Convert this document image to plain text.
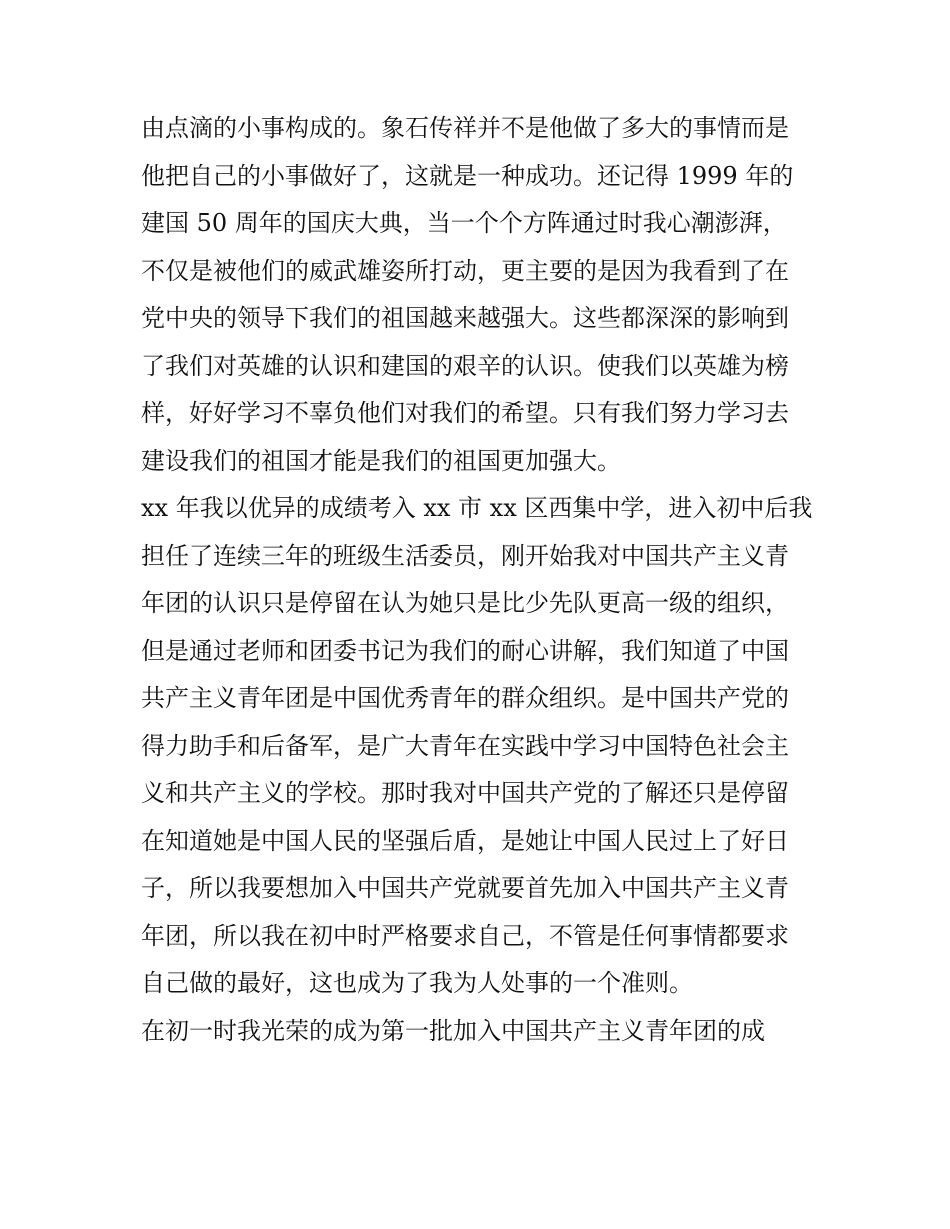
由点滴的小事构成的。象石传祥并不是他做了多大的事情而是
他把自己的小事做好了，这就是一种成功。还记得 1999 年的
建国 50 周年的国庆大典，当一个个方阵通过时我心潮澎湃，
不仅是被他们的威武雄姿所打动，更主要的是因为我看到了在
党中央的领导下我们的祖国越来越强大。这些都深深的影响到
了我们对英雄的认识和建国的艰辛的认识。使我们以英雄为榜
样，好好学习不辜负他们对我们的希望。只有我们努力学习去
建设我们的祖国才能是我们的祖国更加强大。
xx 年我以优异的成绩考入 xx 市 xx 区西集中学，进入初中后我
担任了连续三年的班级生活委员，刚开始我对中国共产主义青
年团的认识只是停留在认为她只是比少先队更高一级的组织，
但是通过老师和团委书记为我们的耐心讲解，我们知道了中国
共产主义青年团是中国优秀青年的群众组织。是中国共产党的
得力助手和后备军，是广大青年在实践中学习中国特色社会主
义和共产主义的学校。那时我对中国共产党的了解还只是停留
在知道她是中国人民的坚强后盾，是她让中国人民过上了好日
子，所以我要想加入中国共产党就要首先加入中国共产主义青
年团，所以我在初中时严格要求自己，不管是任何事情都要求
自己做的最好，这也成为了我为人处事的一个准则。
在初一时我光荣的成为第一批加入中国共产主义青年团的成
